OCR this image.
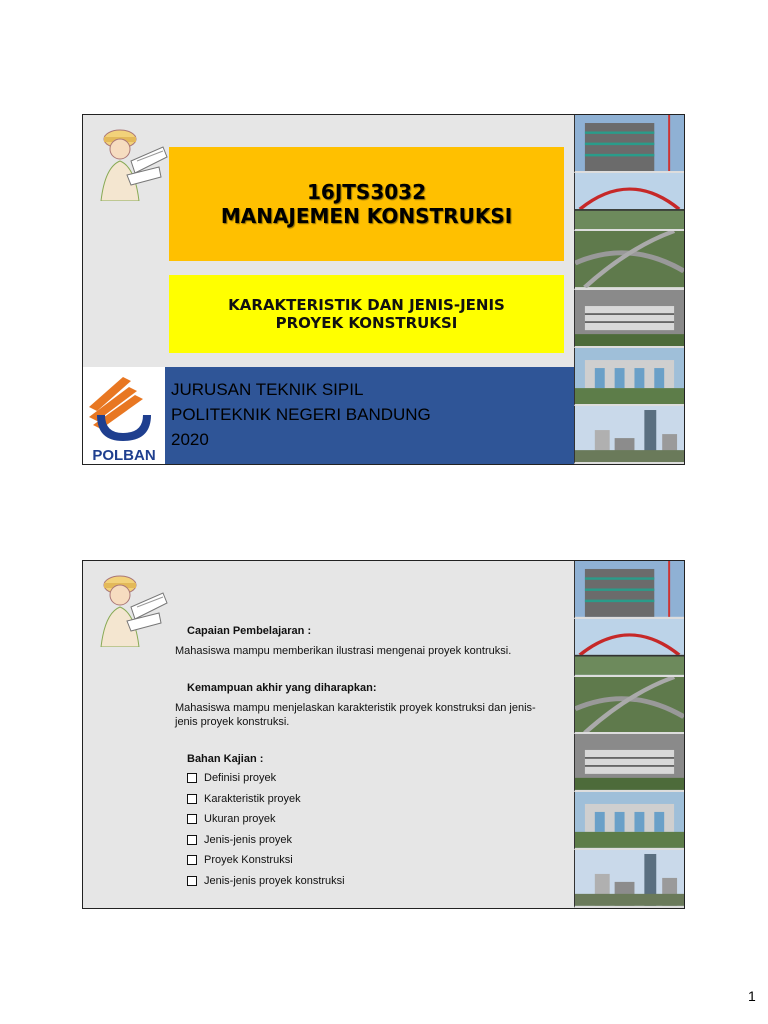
16JTS3032
MANAJEMEN KONSTRUKSI
KARAKTERISTIK DAN JENIS-JENIS
PROYEK KONSTRUKSI
POLBAN
JURUSAN TEKNIK SIPIL
POLITEKNIK NEGERI BANDUNG
2020
Capaian Pembelajaran :
Mahasiswa mampu memberikan ilustrasi mengenai proyek kontruksi.
Kemampuan akhir yang diharapkan:
Mahasiswa mampu menjelaskan karakteristik proyek konstruksi dan jenis-jenis proyek konstruksi.
Bahan Kajian :
Definisi proyek
Karakteristik proyek
Ukuran proyek
Jenis-jenis proyek
Proyek Konstruksi
Jenis-jenis proyek konstruksi
1
